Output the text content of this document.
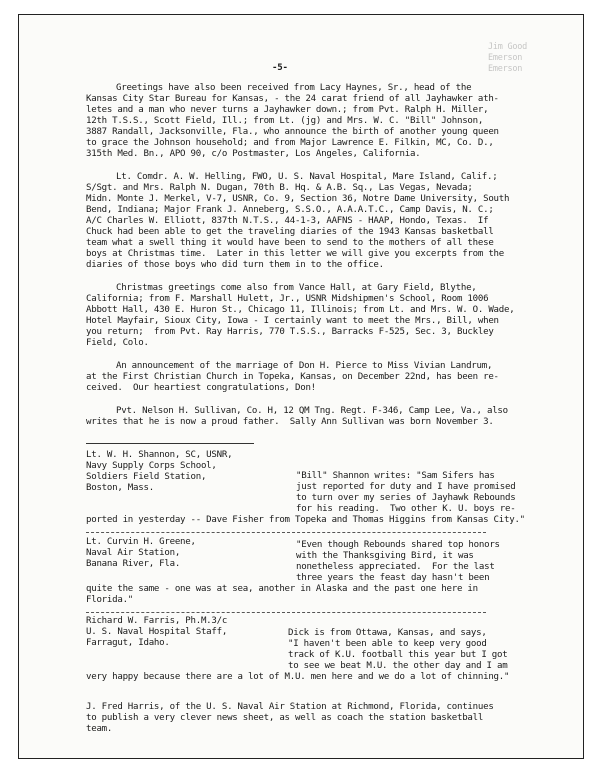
Jim Good
Emerson
Emerson
-5-
Greetings have also been received from Lacy Haynes, Sr., head of the
Kansas City Star Bureau for Kansas, - the 24 carat friend of all Jayhawker ath-
letes and a man who never turns a Jayhawker down.; from Pvt. Ralph H. Miller,
12th T.S.S., Scott Field, Ill.; from Lt. (jg) and Mrs. W. C. "Bill" Johnson,
3887 Randall, Jacksonville, Fla., who announce the birth of another young queen
to grace the Johnson household; and from Major Lawrence E. Filkin, MC, Co. D.,
315th Med. Bn., APO 90, c/o Postmaster, Los Angeles, California.
Lt. Comdr. A. W. Helling, FWO, U. S. Naval Hospital, Mare Island, Calif.;
S/Sgt. and Mrs. Ralph N. Dugan, 70th B. Hq. & A.B. Sq., Las Vegas, Nevada;
Midn. Monte J. Merkel, V-7, USNR, Co. 9, Section 36, Notre Dame University, South
Bend, Indiana; Major Frank J. Anneberg, S.S.O., A.A.A.T.C., Camp Davis, N. C.;
A/C Charles W. Elliott, 837th N.T.S., 44-1-3, AAFNS - HAAP, Hondo, Texas.  If
Chuck had been able to get the traveling diaries of the 1943 Kansas basketball
team what a swell thing it would have been to send to the mothers of all these
boys at Christmas time.  Later in this letter we will give you excerpts from the
diaries of those boys who did turn them in to the office.
Christmas greetings come also from Vance Hall, at Gary Field, Blythe,
California; from F. Marshall Hulett, Jr., USNR Midshipmen's School, Room 1006
Abbott Hall, 430 E. Huron St., Chicago 11, Illinois; from Lt. and Mrs. W. O. Wade,
Hotel Mayfair, Sioux City, Iowa - I certainly want to meet the Mrs., Bill, when
you return;  from Pvt. Ray Harris, 770 T.S.S., Barracks F-525, Sec. 3, Buckley
Field, Colo.
An announcement of the marriage of Don H. Pierce to Miss Vivian Landrum,
at the First Christian Church in Topeka, Kansas, on December 22nd, has been re-
ceived.  Our heartiest congratulations, Don!
Pvt. Nelson H. Sullivan, Co. H, 12 QM Tng. Regt. F-346, Camp Lee, Va., also
writes that he is now a proud father.  Sally Ann Sullivan was born November 3.
Lt. W. H. Shannon, SC, USNR,
Navy Supply Corps School,
Soldiers Field Station,
Boston, Mass.
"Bill" Shannon writes: "Sam Sifers has
just reported for duty and I have promised
to turn over my series of Jayhawk Rebounds
for his reading.  Two other K. U. boys re-
ported in yesterday -- Dave Fisher from Topeka and Thomas Higgins from Kansas City."
Lt. Curvin H. Greene,
Naval Air Station,
Banana River, Fla.
"Even though Rebounds shared top honors
with the Thanksgiving Bird, it was
nonetheless appreciated.  For the last
three years the feast day hasn't been
quite the same - one was at sea, another in Alaska and the past one here in
Florida."
Richard W. Farris, Ph.M.3/c
U. S. Naval Hospital Staff,
Farragut, Idaho.
Dick is from Ottawa, Kansas, and says,
"I haven't been able to keep very good
track of K.U. football this year but I got
to see we beat M.U. the other day and I am
very happy because there are a lot of M.U. men here and we do a lot of chinning."
J. Fred Harris, of the U. S. Naval Air Station at Richmond, Florida, continues
to publish a very clever news sheet, as well as coach the station basketball
team.
